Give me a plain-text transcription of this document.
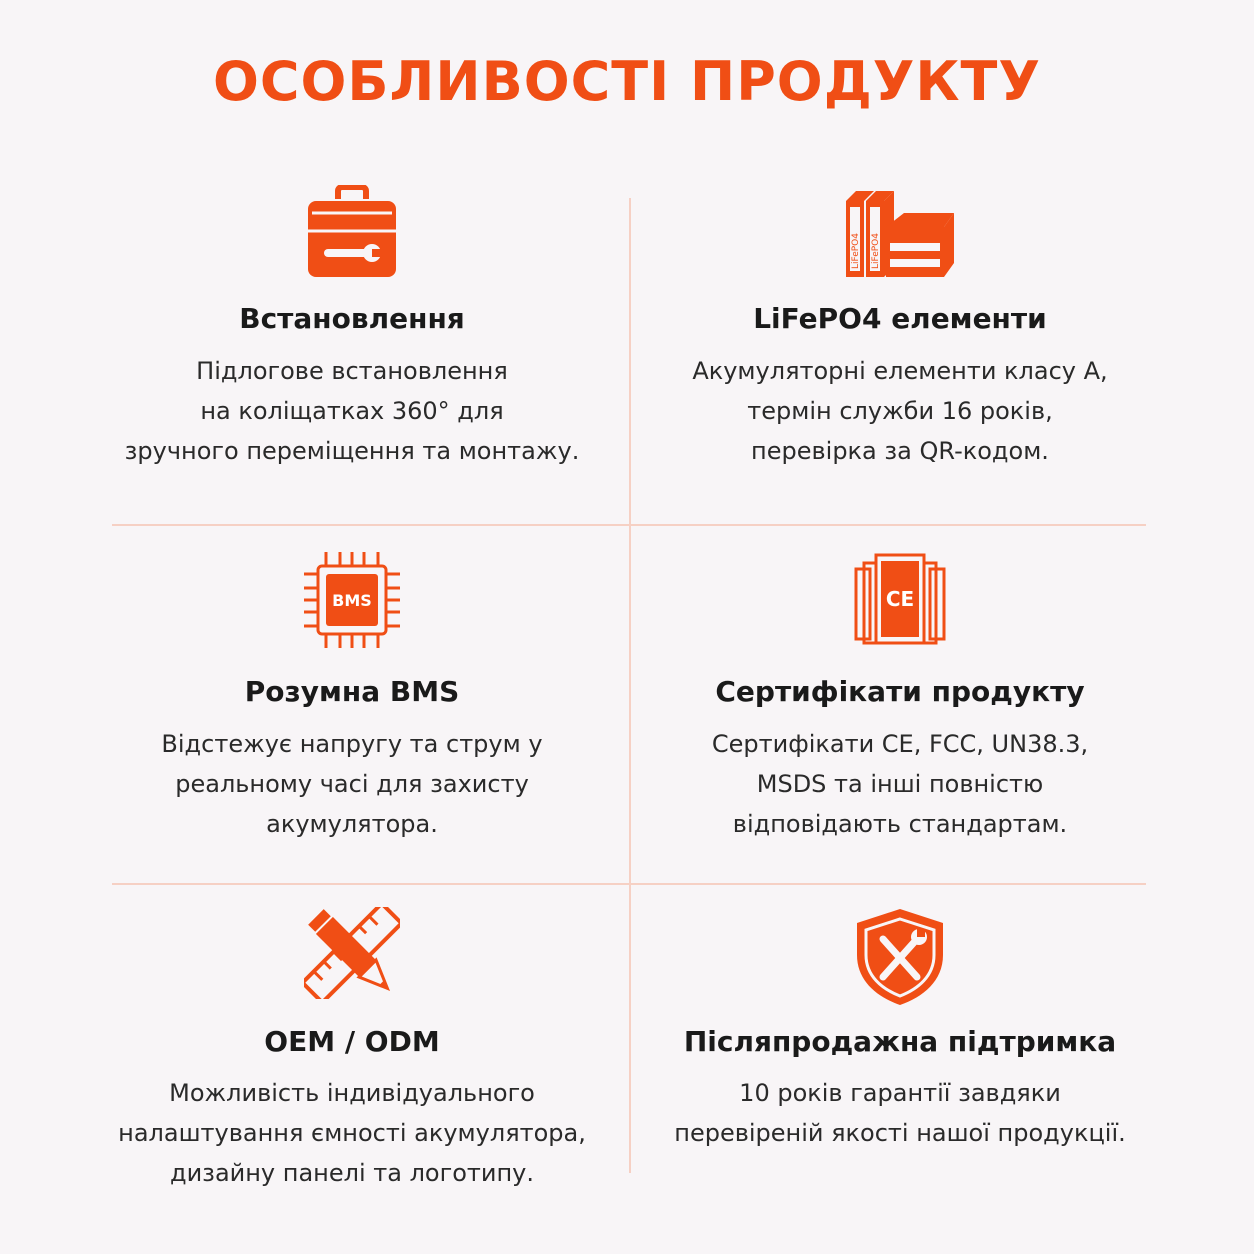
ОСОБЛИВОСТІ ПРОДУКТУ
Встановлення

Підлогове встановлення
на коліщатках 360° для
зручного переміщення та монтажу.

LiFePO4 LiFePO4
LiFePO4 елементи

Акумуляторні елементи класу A,
термін служби 16 років,
перевірка за QR-кодом.

BMS
Розумна BMS

Відстежує напругу та струм у
реальному часі для захисту
акумулятора.

CE
Сертифікати продукту

Сертифікати CE, FCC, UN38.3,
MSDS та інші повністю
відповідають стандартам.

OEM / ODM

Можливість індивідуального
налаштування ємності акумулятора,
дизайну панелі та логотипу.

Післяпродажна підтримка

10 років гарантії завдяки
перевіреній якості нашої продукції.
